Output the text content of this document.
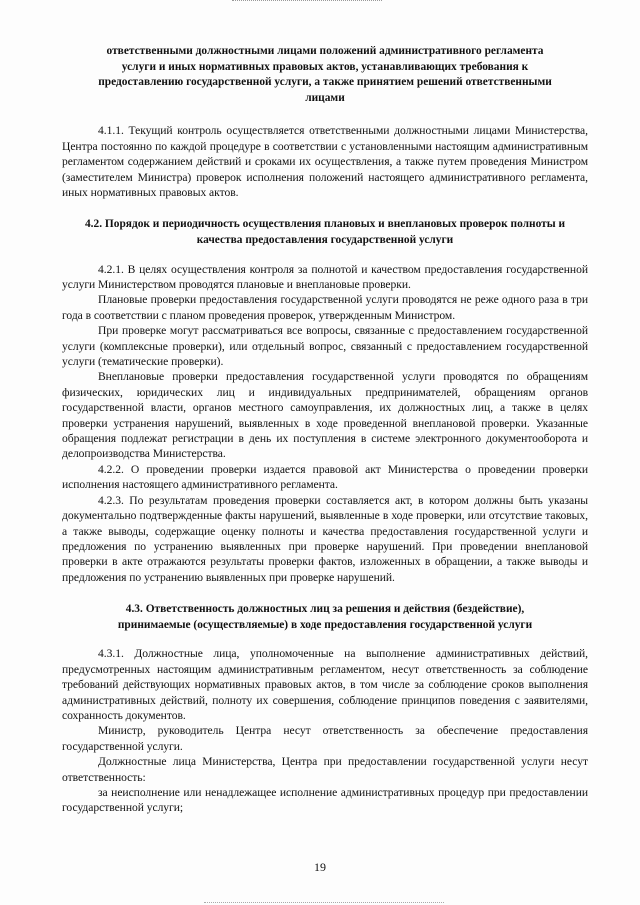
ответственными должностными лицами положений административного регламента услуги и иных нормативных правовых актов, устанавливающих требования к предоставлению государственной услуги, а также принятием решений ответственными лицами

4.1.1. Текущий контроль осуществляется ответственными должностными лицами Министерства, Центра постоянно по каждой процедуре в соответствии с установленными настоящим административным регламентом содержанием действий и сроками их осуществления, а также путем проведения Министром (заместителем Министра) проверок исполнения положений настоящего административного регламента, иных нормативных правовых актов.

4.2. Порядок и периодичность осуществления плановых и внеплановых проверок полноты и качества предоставления государственной услуги

4.2.1. В целях осуществления контроля за полнотой и качеством предоставления государственной услуги Министерством проводятся плановые и внеплановые проверки.

Плановые проверки предоставления государственной услуги проводятся не реже одного раза в три года в соответствии с планом проведения проверок, утвержденным Министром.

При проверке могут рассматриваться все вопросы, связанные с предоставлением государственной услуги (комплексные проверки), или отдельный вопрос, связанный с предоставлением государственной услуги (тематические проверки).

Внеплановые проверки предоставления государственной услуги проводятся по обращениям физических, юридических лиц и индивидуальных предпринимателей, обращениям органов государственной власти, органов местного самоуправления, их должностных лиц, а также в целях проверки устранения нарушений, выявленных в ходе проведенной внеплановой проверки. Указанные обращения подлежат регистрации в день их поступления в системе электронного документооборота и делопроизводства Министерства.

4.2.2. О проведении проверки издается правовой акт Министерства о проведении проверки исполнения настоящего административного регламента.

4.2.3. По результатам проведения проверки составляется акт, в котором должны быть указаны документально подтвержденные факты нарушений, выявленные в ходе проверки, или отсутствие таковых, а также выводы, содержащие оценку полноты и качества предоставления государственной услуги и предложения по устранению выявленных при проверке нарушений. При проведении внеплановой проверки в акте отражаются результаты проверки фактов, изложенных в обращении, а также выводы и предложения по устранению выявленных при проверке нарушений.

4.3. Ответственность должностных лиц за решения и действия (бездействие), принимаемые (осуществляемые) в ходе предоставления государственной услуги

4.3.1. Должностные лица, уполномоченные на выполнение административных действий, предусмотренных настоящим административным регламентом, несут ответственность за соблюдение требований действующих нормативных правовых актов, в том числе за соблюдение сроков выполнения административных действий, полноту их совершения, соблюдение принципов поведения с заявителями, сохранность документов.

Министр, руководитель Центра несут ответственность за обеспечение предоставления государственной услуги.

Должностные лица Министерства, Центра при предоставлении государственной услуги несут ответственность:

за неисполнение или ненадлежащее исполнение административных процедур при предоставлении государственной услуги;

19
